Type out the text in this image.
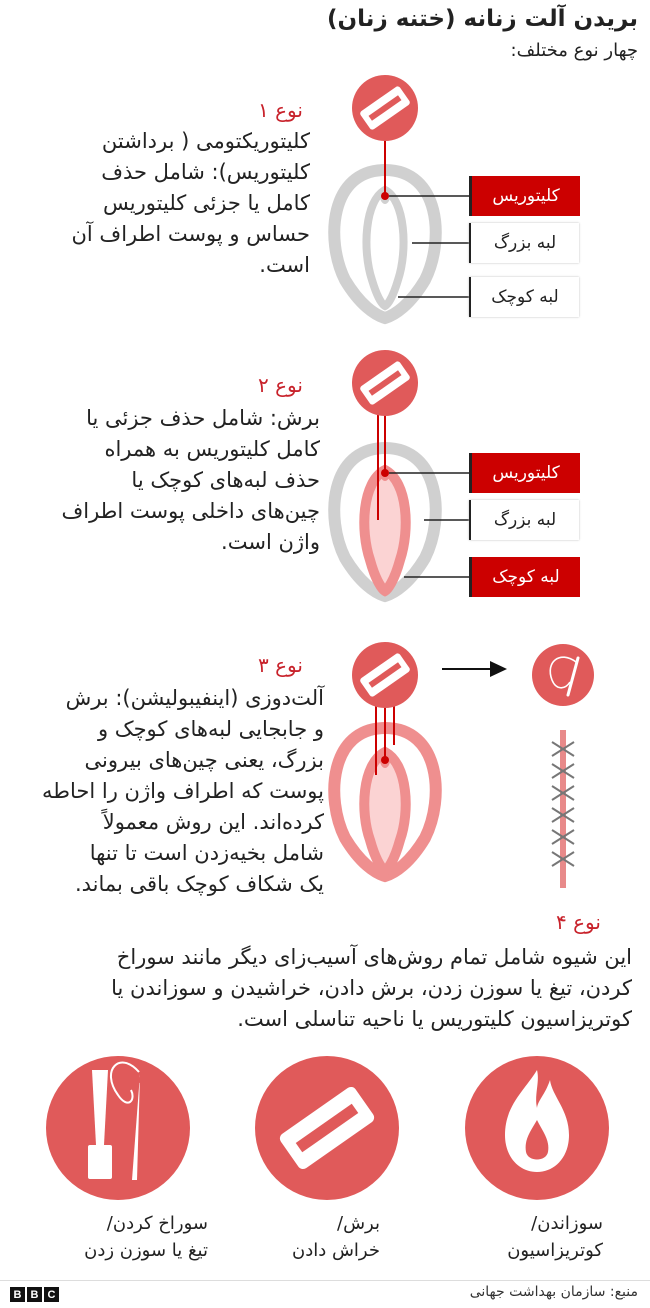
بریدن آلت زنانه (ختنه زنان)
چهار نوع مختلف:
نوع ۱
نوع ۲
نوع ۳
نوع ۴
کلیتوریکتومی ( برداشتن
کلیتوریس): شامل حذف
کامل یا جزئی کلیتوریس
حساس و پوست اطراف آن
است.
برش: شامل حذف جزئی یا
کامل کلیتوریس به همراه
حذف لبه‌های کوچک یا
چین‌های داخلی پوست اطراف
واژن است.
آلت‌دوزی (اینفیبولیشن): برش
و جابجایی لبه‌های کوچک و
بزرگ، یعنی چین‌های بیرونی
پوست که اطراف واژن را احاطه
کرده‌اند. این روش معمولاً
شامل بخیه‌زدن است تا تنها
یک شکاف کوچک باقی بماند.
این شیوه شامل تمام روش‌های آسیب‌زای دیگر مانند سوراخ
کردن، تیغ یا سوزن زدن، برش دادن، خراشیدن و سوزاندن یا
کوتریزاسیون کلیتوریس یا ناحیه تناسلی است.
کلیتوریس
لبه بزرگ
لبه کوچک
کلیتوریس
لبه بزرگ
لبه کوچک
سوراخ کردن/
تیغ یا سوزن زدن
برش/
خراش دادن
سوزاندن/
کوتریزاسیون
B B C	منبع: سازمان بهداشت جهانی
